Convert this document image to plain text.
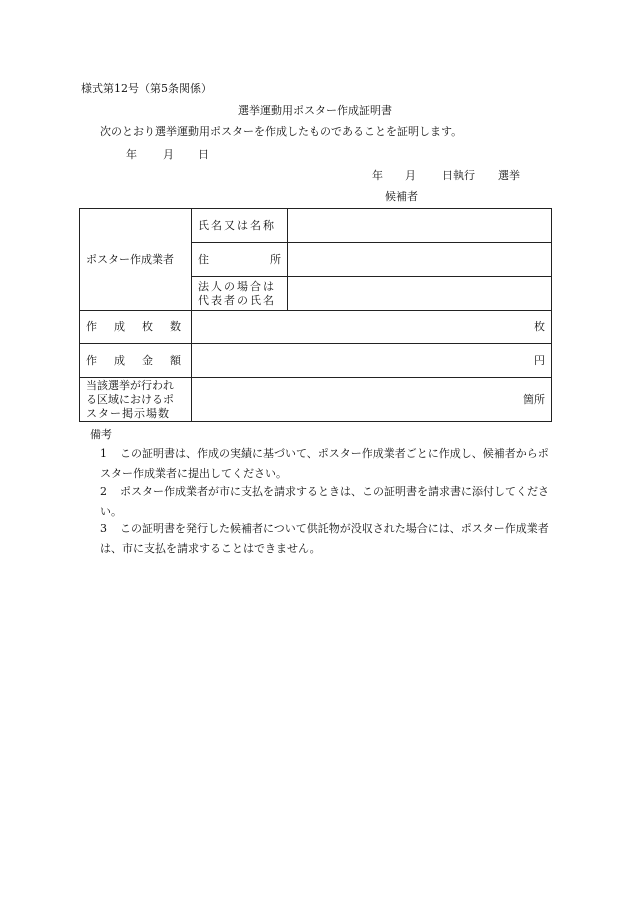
様式第12号（第5条関係）
選挙運動用ポスター作成証明書
次のとおり選挙運動用ポスターを作成したものであることを証明します。
年 月 日
年 月 日執行 選挙
候補者
ポスター作成業者	氏名又は名称	

	住 所	

	法人の場合は
代表者の氏名	

作 成 枚 数	枚	

作 成 金 額	円	

当該選挙が行われ
る区域におけるポ
スター掲示場数	箇所	
備考
1	この証明書は、作成の実績に基づいて、ポスター作成業者ごとに作成し、候補者からポスター作成業者に提出してください。
2	ポスター作成業者が市に支払を請求するときは、この証明書を請求書に添付してください。
3	この証明書を発行した候補者について供託物が没収された場合には、ポスター作成業者は、市に支払を請求することはできません。
